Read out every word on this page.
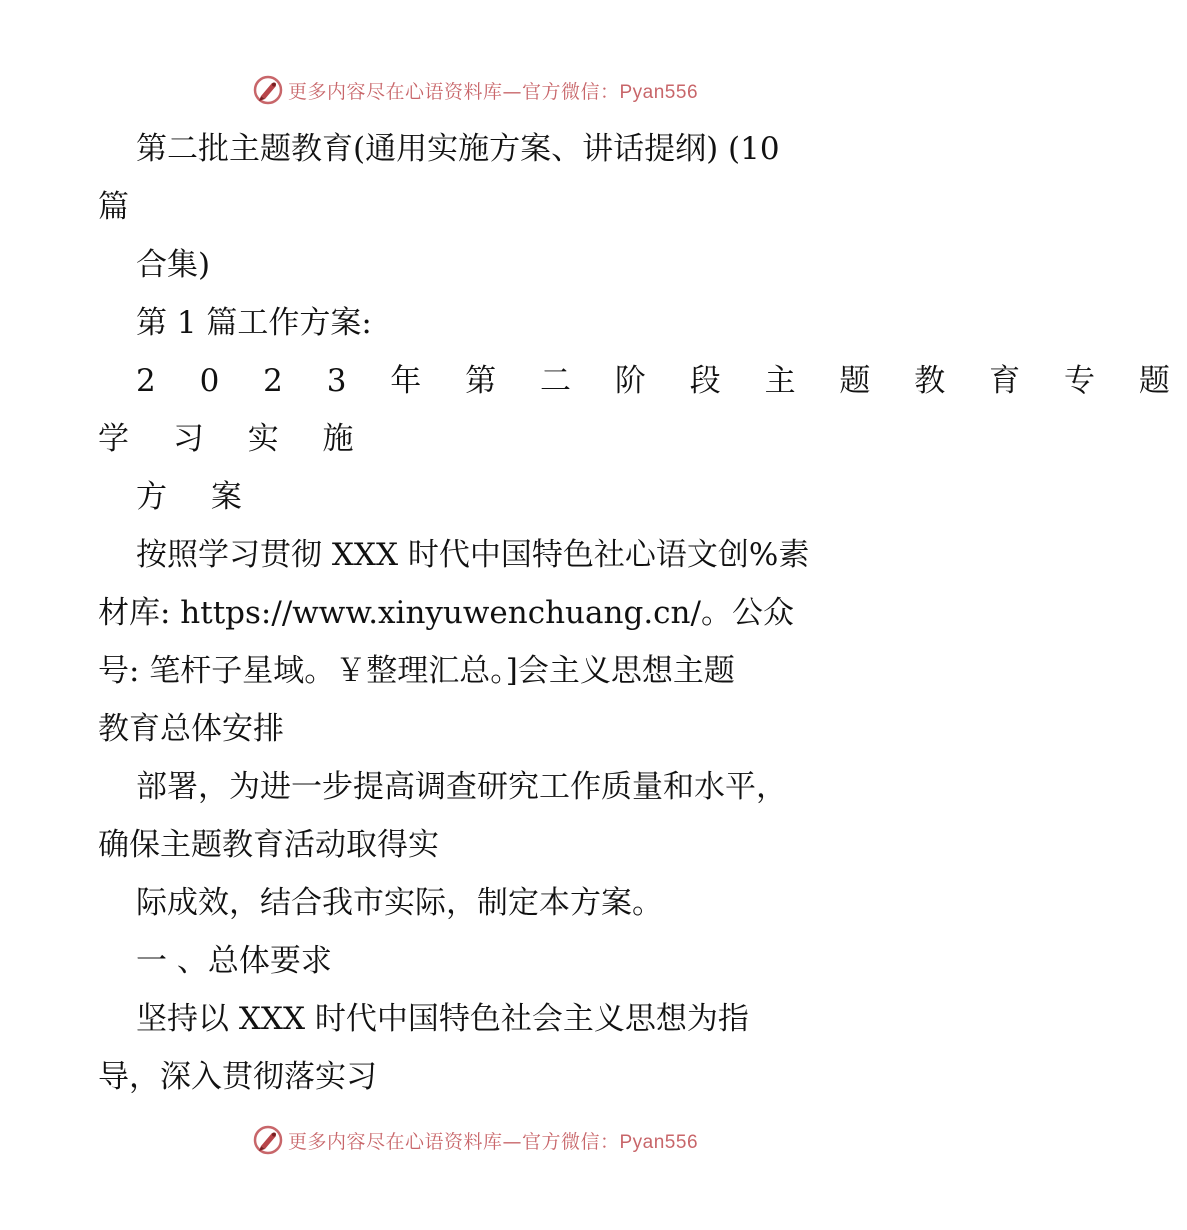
更多内容尽在心语资料库—官方微信：Pyan556
第二批主题教育(通用实施方案、讲话提纲) (10
篇
合集)
第 1 篇工作方案:
2 0 2 3 年 第 二 阶 段 主 题 教 育 专 题
学 习 实 施
方 案
按照学习贯彻 XXX 时代中国特色社心语文创%素
材库: https://www.xinyuwenchuang.cn/。公众
号: 笔杆子星域。￥整理汇总。]会主义思想主题
教育总体安排
部署，为进一步提高调查研究工作质量和水平，
确保主题教育活动取得实
际成效，结合我市实际，制定本方案。
一 、总体要求
坚持以 XXX 时代中国特色社会主义思想为指
导，深入贯彻落实习
更多内容尽在心语资料库—官方微信：Pyan556
